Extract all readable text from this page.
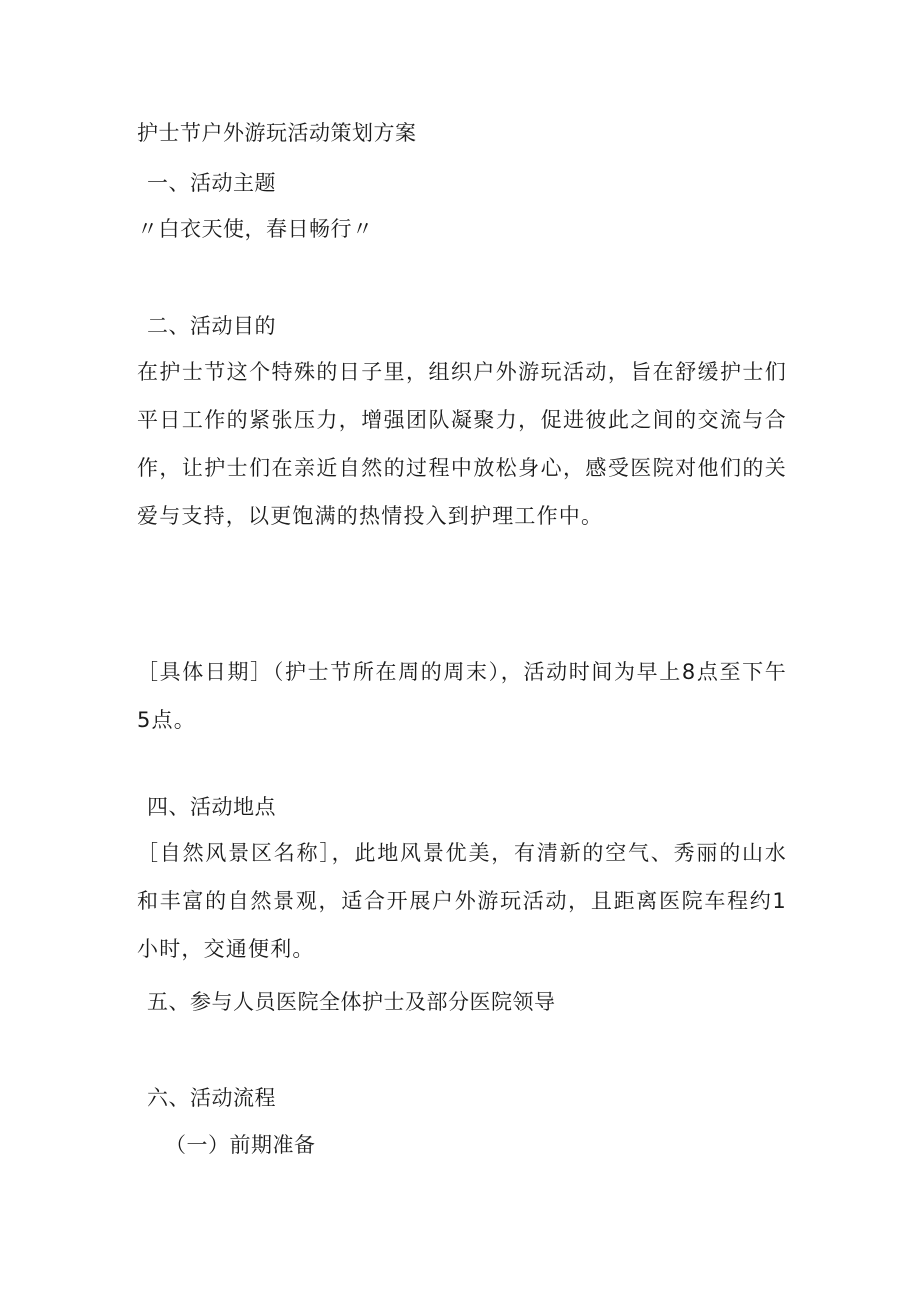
护士节户外游玩活动策划方案
一、活动主题
〃白衣天使，春日畅行〃
二、活动目的
在护士节这个特殊的日子里，组织户外游玩活动，旨在舒缓护士们平日工作的紧张压力，增强团队凝聚力，促进彼此之间的交流与合作，让护士们在亲近自然的过程中放松身心，感受医院对他们的关爱与支持，以更饱满的热情投入到护理工作中。
［具体日期］（护士节所在周的周末），活动时间为早上8点至下午5点。
四、活动地点
［自然风景区名称］，此地风景优美，有清新的空气、秀丽的山水和丰富的自然景观，适合开展户外游玩活动，且距离医院车程约1小时，交通便利。
五、参与人员医院全体护士及部分医院领导
六、活动流程
（一）前期准备
